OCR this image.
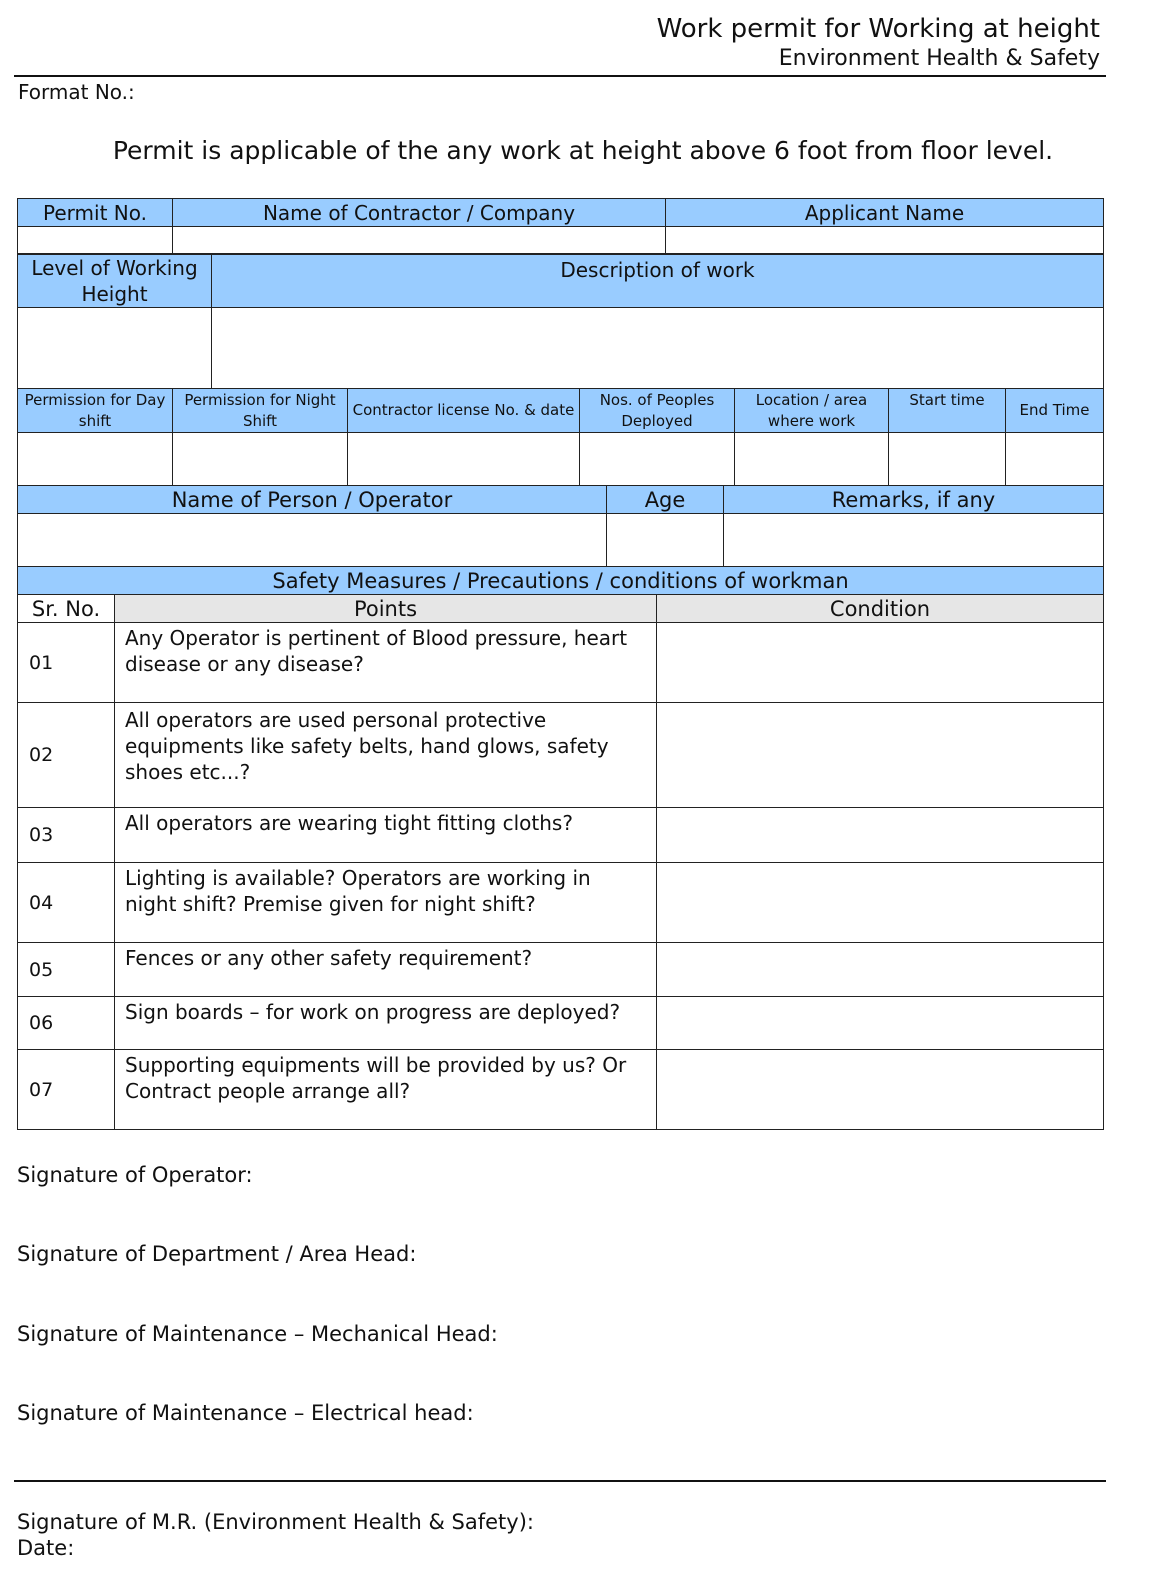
Work permit for Working at height
Environment Health & Safety
Format No.:
Permit is applicable of the any work at height above 6 foot from floor level.
Permit No.	Name of Contractor / Company	Applicant Name

Level of Working Height	Description of work

Permission for Day shift	Permission for Night Shift	Contractor license No. & date	Nos. of Peoples Deployed	Location / area where work	Start time	End Time

Name of Person / Operator	Age	Remarks, if any

Safety Measures / Precautions / conditions of workman		
Sr. No.	Points	Condition
01	Any Operator is pertinent of Blood pressure, heart disease or any disease?	
02	All operators are used personal protective equipments like safety belts, hand glows, safety shoes etc...?	
03	All operators are wearing tight fitting cloths?	
04	Lighting is available? Operators are working in night shift? Premise given for night shift?	
05	Fences or any other safety requirement?	
06	Sign boards – for work on progress are deployed?	
07	Supporting equipments will be provided by us? Or Contract people arrange all?	
Signature of Operator:
Signature of Department / Area Head:
Signature of Maintenance – Mechanical Head:
Signature of Maintenance – Electrical head:
Signature of M.R. (Environment Health & Safety):
Date:
